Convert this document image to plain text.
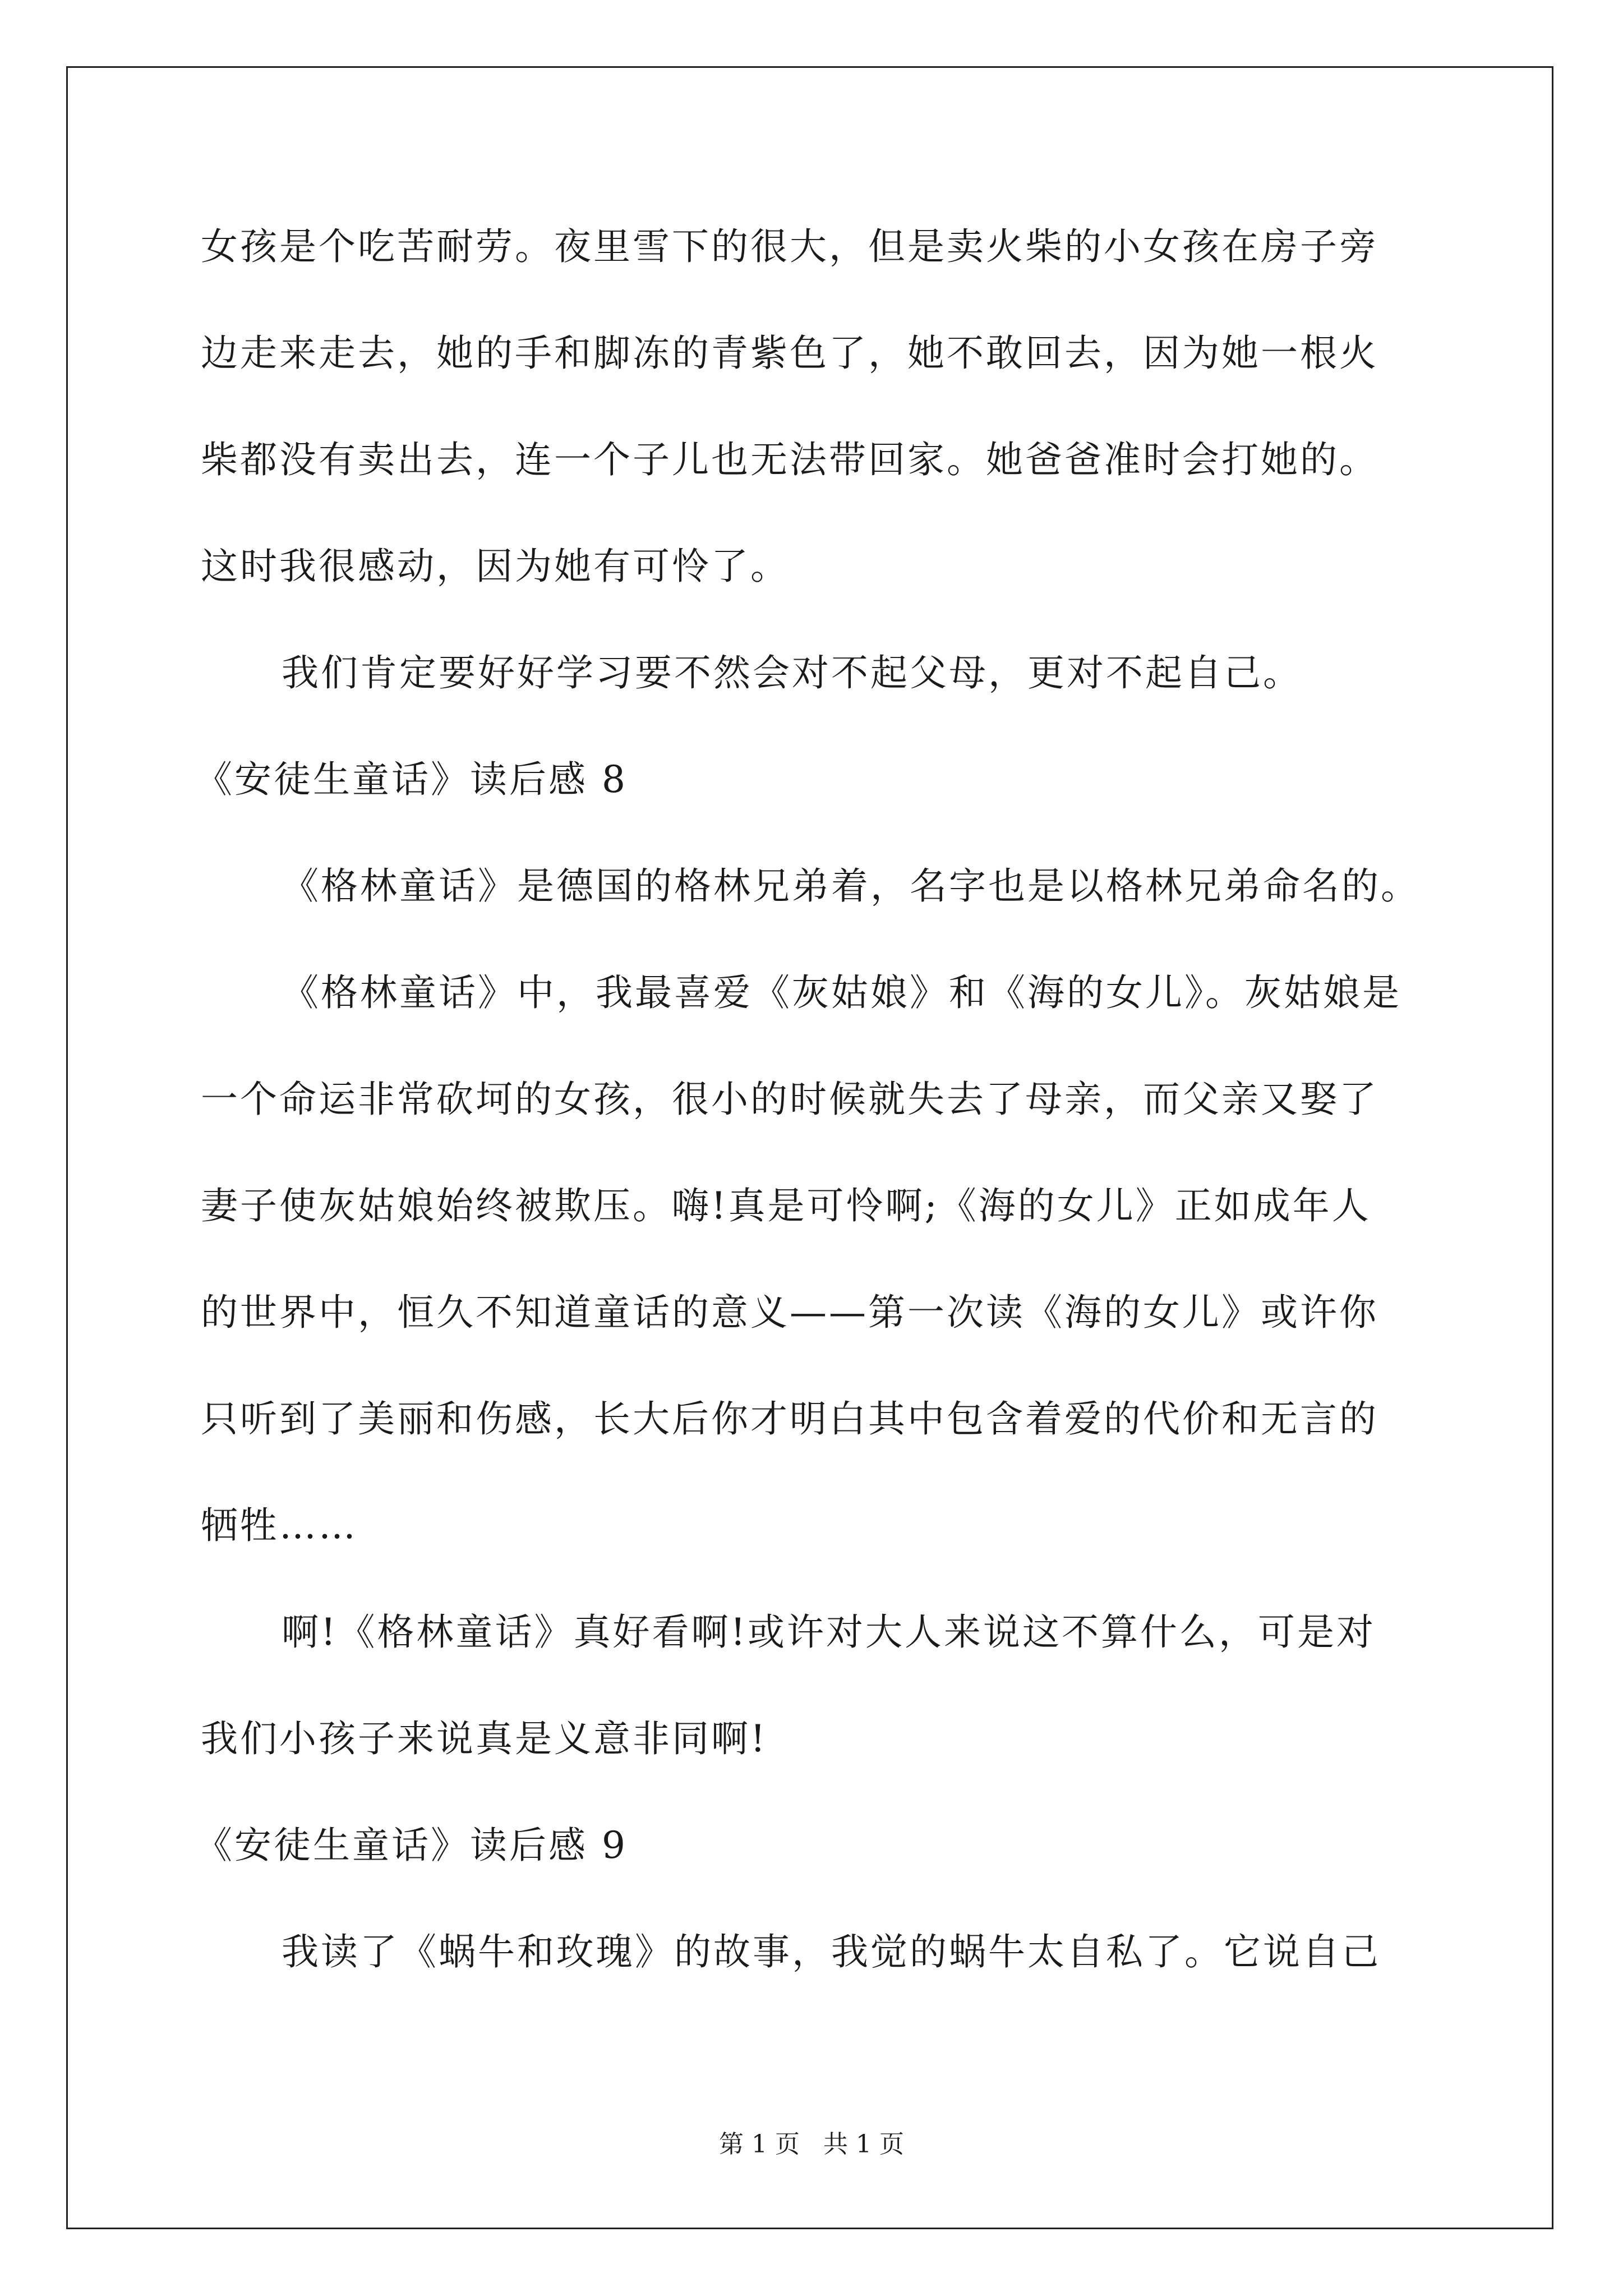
女孩是个吃苦耐劳。夜里雪下的很大，但是卖火柴的小女孩在房子旁
边走来走去，她的手和脚冻的青紫色了，她不敢回去，因为她一根火
柴都没有卖出去，连一个子儿也无法带回家。她爸爸准时会打她的。
这时我很感动，因为她有可怜了。
我们肯定要好好学习要不然会对不起父母，更对不起自己。
《安徒生童话》读后感 8
《格林童话》是德国的格林兄弟着，名字也是以格林兄弟命名的。
《格林童话》中，我最喜爱《灰姑娘》和《海的女儿》。灰姑娘是
一个命运非常砍坷的女孩，很小的时候就失去了母亲，而父亲又娶了
妻子使灰姑娘始终被欺压。嗨!真是可怜啊;《海的女儿》正如成年人
的世界中，恒久不知道童话的意义——第一次读《海的女儿》或许你
只听到了美丽和伤感，长大后你才明白其中包含着爱的代价和无言的
牺牲……
啊!《格林童话》真好看啊!或许对大人来说这不算什么，可是对
我们小孩子来说真是义意非同啊!
《安徒生童话》读后感 9
我读了《蜗牛和玫瑰》的故事，我觉的蜗牛太自私了。它说自己
第 1 页   共 1 页
